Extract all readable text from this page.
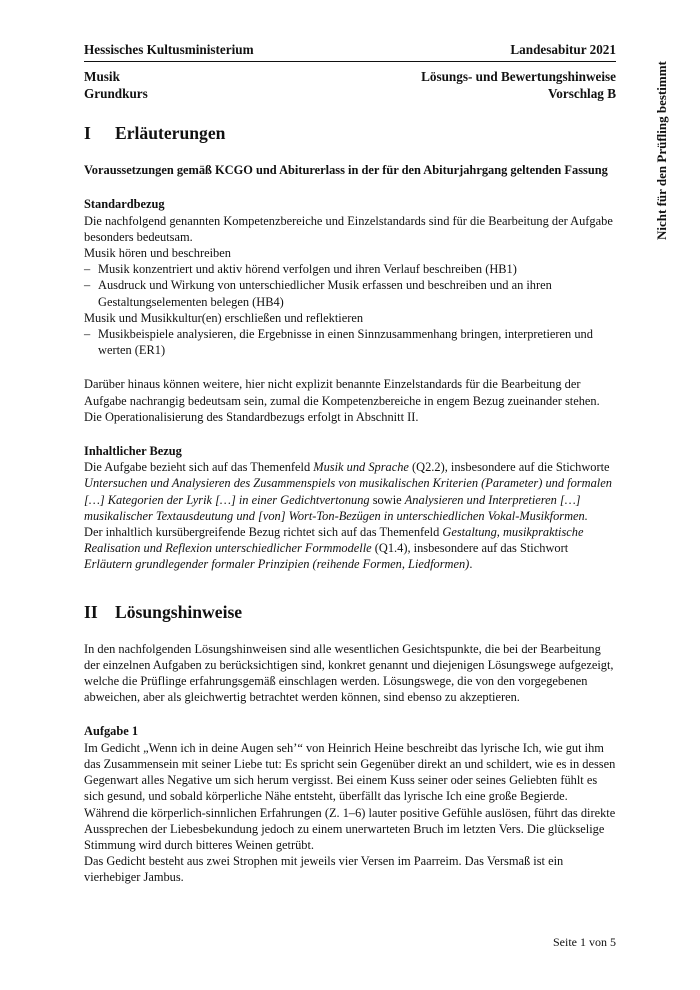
Nicht für den Prüfling bestimmt
Hessisches Kultusministerium	Landesabitur 2021
Musik
Grundkurs
Lösungs- und Bewertungshinweise
Vorschlag B
I	Erläuterungen

Voraussetzungen gemäß KCGO und Abiturerlass in der für den Abiturjahrgang geltenden Fassung

Standardbezug

Die nachfolgend genannten Kompetenzbereiche und Einzelstandards sind für die Bearbeitung der Aufgabe besonders bedeutsam.

Musik hören und beschreiben

– Musik konzentriert und aktiv hörend verfolgen und ihren Verlauf beschreiben (HB1)
– Ausdruck und Wirkung von unterschiedlicher Musik erfassen und beschreiben und an ihren Gestaltungselementen belegen (HB4)

Musik und Musikkultur(en) erschließen und reflektieren

– Musikbeispiele analysieren, die Ergebnisse in einen Sinnzusammenhang bringen, interpretieren und werten (ER1)

Darüber hinaus können weitere, hier nicht explizit benannte Einzelstandards für die Bearbeitung der Aufgabe nachrangig bedeutsam sein, zumal die Kompetenzbereiche in engem Bezug zueinander stehen. Die Operationalisierung des Standardbezugs erfolgt in Abschnitt II.

Inhaltlicher Bezug

Die Aufgabe bezieht sich auf das Themenfeld Musik und Sprache (Q2.2), insbesondere auf die Stichworte Untersuchen und Analysieren des Zusammenspiels von musikalischen Kriterien (Parameter) und formalen […] Kategorien der Lyrik […] in einer Gedichtvertonung sowie Analysieren und Interpretieren […] musikalischer Textausdeutung und [von] Wort-Ton-Bezügen in unterschiedlichen Vokal-Musikformen.

Der inhaltlich kursübergreifende Bezug richtet sich auf das Themenfeld Gestaltung, musikpraktische Realisation und Reflexion unterschiedlicher Formmodelle (Q1.4), insbesondere auf das Stichwort Erläutern grundlegender formaler Prinzipien (reihende Formen, Liedformen).

II Lösungshinweise

In den nachfolgenden Lösungshinweisen sind alle wesentlichen Gesichtspunkte, die bei der Bearbeitung der einzelnen Aufgaben zu berücksichtigen sind, konkret genannt und diejenigen Lösungswege aufgezeigt, welche die Prüflinge erfahrungsgemäß einschlagen werden. Lösungswege, die von den vorgegebenen abweichen, aber als gleichwertig betrachtet werden können, sind ebenso zu akzeptieren.

Aufgabe 1

Im Gedicht „Wenn ich in deine Augen seh’“ von Heinrich Heine beschreibt das lyrische Ich, wie gut ihm das Zusammensein mit seiner Liebe tut: Es spricht sein Gegenüber direkt an und schildert, wie es in dessen Gegenwart alles Negative um sich herum vergisst. Bei einem Kuss seiner oder seines Geliebten fühlt es sich gesund, und sobald körperliche Nähe entsteht, überfällt das lyrische Ich eine große Begierde. Während die körperlich-sinnlichen Erfahrungen (Z. 1–6) lauter positive Gefühle auslösen, führt das direkte Aussprechen der Liebesbekundung jedoch zu einem unerwarteten Bruch im letzten Vers. Die glückselige Stimmung wird durch bitteres Weinen getrübt.

Das Gedicht besteht aus zwei Strophen mit jeweils vier Versen im Paarreim. Das Versmaß ist ein vierhebiger Jambus.

Seite 1 von 5
